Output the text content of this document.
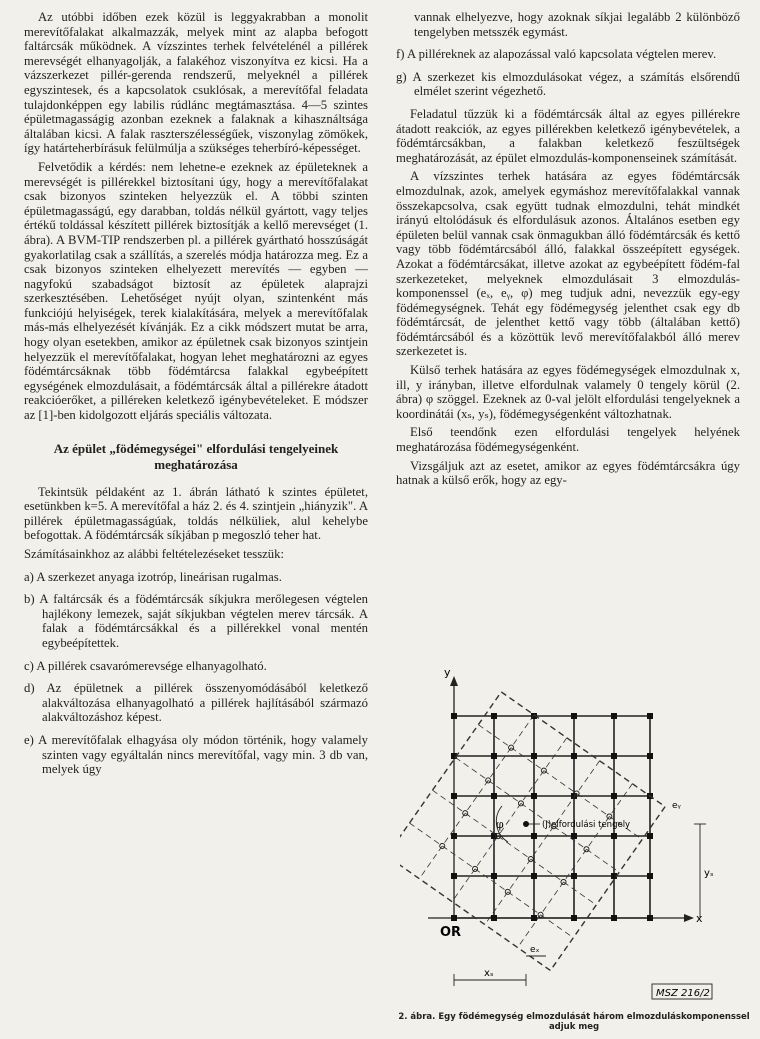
Az utóbbi időben ezek közül is leggyakrabban a monolit merevítőfalakat alkalmazzák, melyek mint az alapba befogott faltárcsák működnek. A vízszintes terhek felvételénél a pillérek merevségét elhanyagolják, a falakéhoz viszonyítva ez kicsi. Ha a vázszerkezet pillér-gerenda rendszerű, melyeknél a pillérek egyszintesek, és a kapcsolatok csuklósak, a merevítőfal feladata tulajdonképpen egy labilis rúdlánc megtámasztása. 4—5 szintes épületmagasságig azonban ezeknek a falaknak a kihasználtsága általában kicsi. A falak raszterszélességűek, viszonylag zömökek, így határteherbírásuk felülmúlja a szükséges teherbíró-képességet.

Felvetődik a kérdés: nem lehetne-e ezeknek az épületeknek a merevségét is pillérekkel biztosítani úgy, hogy a merevítőfalakat csak bizonyos szinteken helyezzük el. A többi szinten épületmagasságú, egy darabban, toldás nélkül gyártott, vagy teljes értékű toldással készített pillérek biztosítják a kellő merevséget (1. ábra). A BVM-TIP rendszerben pl. a pillérek gyártható hosszúságát gyakorlatilag csak a szállítás, a szerelés módja határozza meg. Ez a csak bizonyos szinteken elhelyezett merevítés — egyben — nagyfokú szabadságot biztosít az épületek alaprajzi szerkesztésében. Lehetőséget nyújt olyan, szintenként más funkciójú helyiségek, terek kialakítására, melyek a merevítőfalak más-más elhelyezését kívánják. Ez a cikk módszert mutat be arra, hogy olyan esetekben, amikor az épületnek csak bizonyos szintjein helyezzük el merevítőfalakat, hogyan lehet meghatározni az egyes födémtárcsáknak több födémtárcsa falakkal egybeépített egységének elmozdulásait, a födémtárcsák által a pillérekre átadott reakcióerőket, a pilléreken keletkező igénybevételeket. E módszer az [1]-ben kidolgozott eljárás speciális változata.

Az épület „födémegységei" elfordulási tengelyeinek meghatározása

Tekintsük példaként az 1. ábrán látható k szintes épületet, esetünkben k=5. A merevítőfal a ház 2. és 4. szintjein „hiányzik". A pillérek épületmagasságúak, toldás nélküliek, alul kehelybe befogottak. A födémtárcsák síkjában p megoszló teher hat.

Számításainkhoz az alábbi feltételezéseket tesszük:

a) A szerkezet anyaga izotróp, lineárisan rugalmas.
b) A faltárcsák és a födémtárcsák síkjukra merőlegesen végtelen hajlékony lemezek, saját síkjukban végtelen merev tárcsák. A falak a födémtárcsákkal és a pillérekkel vonal mentén egybeépítettek.
c) A pillérek csavarómerevsége elhanyagolható.
d) Az épületnek a pillérek összenyomódásából keletkező alakváltozása elhanyagolható a pillérek hajlításából származó alakváltozáshoz képest.
e) A merevítőfalak elhagyása oly módon történik, hogy valamely szinten vagy egyáltalán nincs merevítőfal, vagy min. 3 db van, melyek úgy

vannak elhelyezve, hogy azoknak síkjai legalább 2 különböző tengelyben metsszék egymást.

f) A pilléreknek az alapozással való kapcsolata végtelen merev.
g) A szerkezet kis elmozdulásokat végez, a számítás elsőrendű elmélet szerint végezhető.

Feladatul tűzzük ki a födémtárcsák által az egyes pillérekre átadott reakciók, az egyes pillérekben keletkező igénybevételek, a födémtárcsákban, a falakban keletkező feszültségek meghatározását, az épület elmozdulás-komponenseinek számítását.

A vízszintes terhek hatására az egyes födémtárcsák elmozdulnak, azok, amelyek egymáshoz merevítőfalakkal vannak összekapcsolva, csak együtt tudnak elmozdulni, tehát mindkét irányú eltolódásuk és elfordulásuk azonos. Általános esetben egy épületen belül vannak csak önmagukban álló födémtárcsák és kettő vagy több födémtárcsából álló, falakkal összeépített egységek. Azokat a födémtárcsákat, illetve azokat az egybeépített födém-fal szerkezeteket, melyeknek elmozdulásait 3 elmozdulás-komponenssel (eₓ, eᵧ, φ) meg tudjuk adni, nevezzük egy-egy födémegységnek. Tehát egy födémegység jelenthet csak egy db födémtárcsát, de jelenthet kettő vagy több (általában kettő) födémtárcsából és a közöttük levő merevítőfalakból álló merev szerkezetet is.

Külső terhek hatására az egyes födémegységek elmozdulnak x, ill, y irányban, illetve elfordulnak valamely 0 tengely körül (2. ábra) φ szöggel. Ezeknek az 0-val jelölt elfordulási tengelyeknek a koordinátái (xₛ, yₛ), födémegységenként változhatnak.

Első teendőnk ezen elfordulási tengelyek helyének meghatározása födémegységenként.

Vizsgáljuk azt az esetet, amikor az egyes födémtárcsákra úgy hatnak a külső erők, hogy az egy-

y
x
OR
(J)elfordulási tengely
φ
yₛ
eᵧ
xₛ
eₓ
MSZ 216/2
2. ábra. Egy födémegység elmozdulását három elmozduláskomponenssel adjuk meg
